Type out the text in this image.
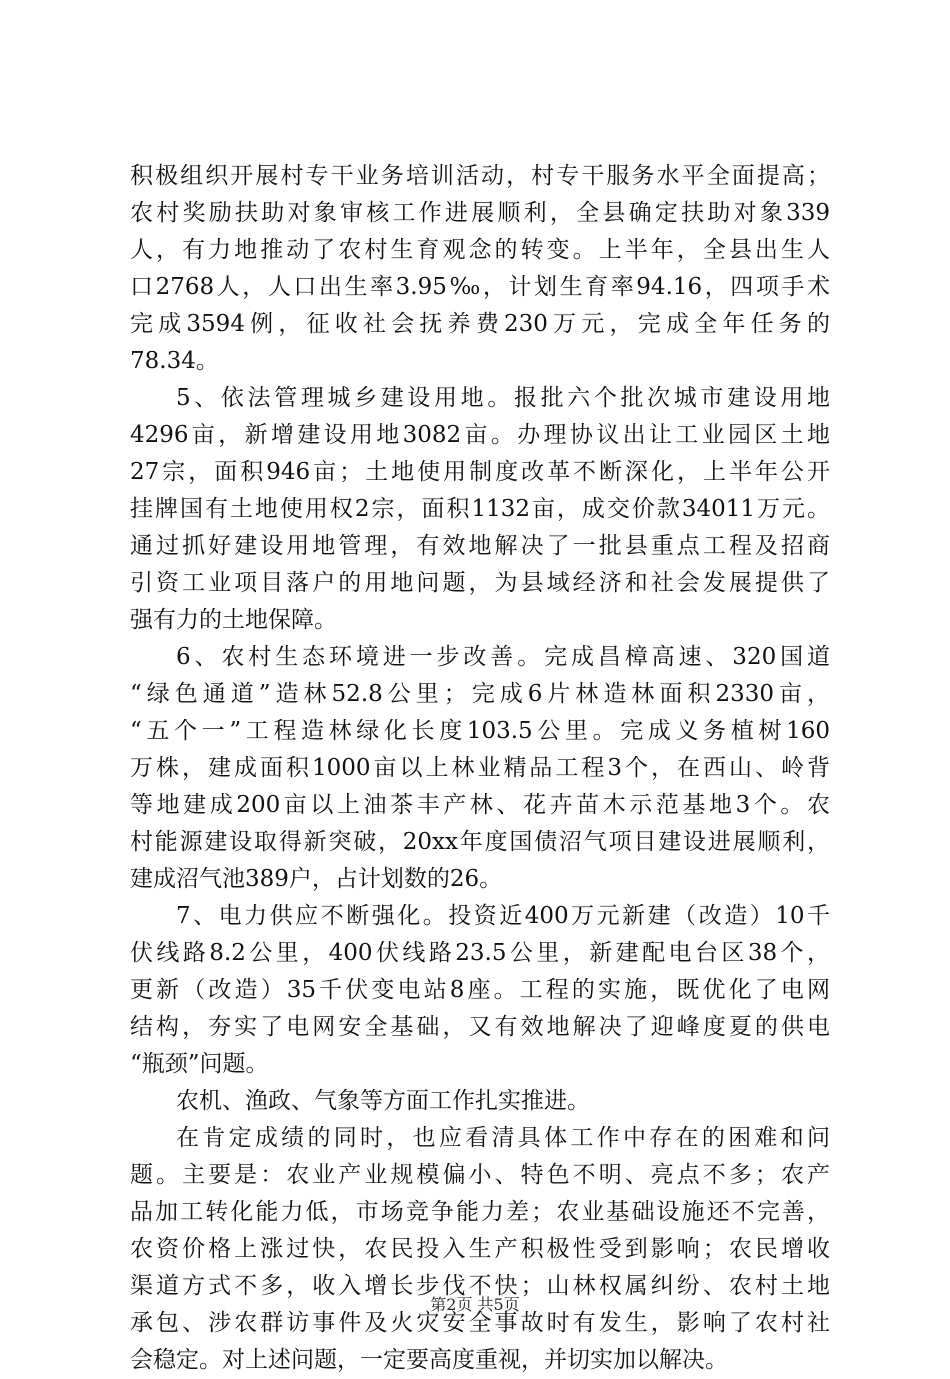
积极组织开展村专干业务培训活动，村专干服务水平全面提高；
农村奖励扶助对象审核工作进展顺利，全县确定扶助对象339
人，有力地推动了农村生育观念的转变。上半年，全县出生人
口2768人，人口出生率3.95‰，计划生育率94.16，四项手术
完成3594例，征收社会抚养费230万元，完成全年任务的
78.34。
5、依法管理城乡建设用地。报批六个批次城市建设用地
4296亩，新增建设用地3082亩。办理协议出让工业园区土地
27宗，面积946亩；土地使用制度改革不断深化，上半年公开
挂牌国有土地使用权2宗，面积1132亩，成交价款34011万元。
通过抓好建设用地管理，有效地解决了一批县重点工程及招商
引资工业项目落户的用地问题，为县域经济和社会发展提供了
强有力的土地保障。
6、农村生态环境进一步改善。完成昌樟高速、320国道
“绿色通道”造林52.8公里；完成6片林造林面积2330亩，
“五个一”工程造林绿化长度103.5公里。完成义务植树160
万株，建成面积1000亩以上林业精品工程3个，在西山、岭背
等地建成200亩以上油茶丰产林、花卉苗木示范基地3个。农
村能源建设取得新突破，20xx年度国债沼气项目建设进展顺利，
建成沼气池389户，占计划数的26。
7、电力供应不断强化。投资近400万元新建（改造）10千
伏线路8.2公里，400伏线路23.5公里，新建配电台区38个，
更新（改造）35千伏变电站8座。工程的实施，既优化了电网
结构，夯实了电网安全基础，又有效地解决了迎峰度夏的供电
“瓶颈”问题。
农机、渔政、气象等方面工作扎实推进。
在肯定成绩的同时，也应看清具体工作中存在的困难和问
题。主要是：农业产业规模偏小、特色不明、亮点不多；农产
品加工转化能力低，市场竞争能力差；农业基础设施还不完善，
农资价格上涨过快，农民投入生产积极性受到影响；农民增收
渠道方式不多，收入增长步伐不快；山林权属纠纷、农村土地
承包、涉农群访事件及火灾安全事故时有发生，影响了农村社
会稳定。对上述问题，一定要高度重视，并切实加以解决。
第2页 共5页
